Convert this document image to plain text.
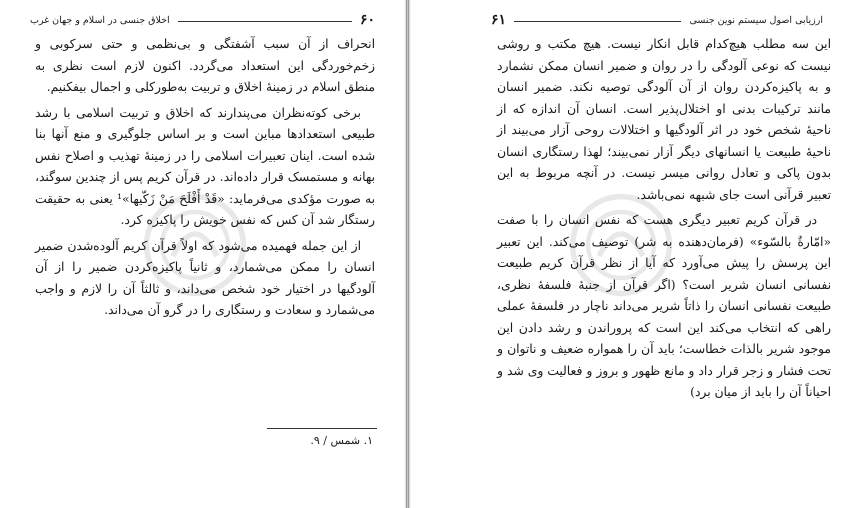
۶۰
اخلاق جنسی در اسلام و جهان غرب

انحراف از آن سبب آشفتگی و بی‌نظمی و حتی سرکوبی و زخم‌خوردگی این استعداد می‌گردد. اکنون لازم است نظری به منطق اسلام در زمینهٔ اخلاق و تربیت به‌طورکلی و اجمال بیفکنیم.

برخی کوته‌نظران می‌پندارند که اخلاق و تربیت اسلامی با رشد طبیعی استعدادها مباین است و بر اساس جلوگیری و منع آنها بنا شده است. اینان تعبیرات اسلامی را در زمینهٔ تهذیب و اصلاح نفس بهانه و مستمسک قرار داده‌اند. در قرآن کریم پس از چندین سوگند، به صورت مؤکدی می‌فرماید: «قَدْ أَفْلَحَ مَنْ زَكّيها»¹ یعنی به حقیقت رستگار شد آن کس که نفس خویش را پاکیزه کرد.

از این جمله فهمیده می‌شود که اولاً قرآن کریم آلوده‌شدن ضمیر انسان را ممکن می‌شمارد، و ثانیاً پاکیزه‌کردن ضمیر را از آن آلودگیها در اختیار خود شخص می‌داند، و ثالثاً آن را لازم و واجب می‌شمارد و سعادت و رستگاری را در گرو آن می‌داند.

۱. شمس / ۹.
ارزیابی اصول سیستم نوین جنسی
۶۱

این سه مطلب هیچ‌کدام قابل انکار نیست. هیچ مکتب و روشی نیست که نوعی آلودگی را در روان و ضمیر انسان ممکن نشمارد و به پاکیزه‌کردن روان از آن آلودگی توصیه نکند. ضمیر انسان مانند ترکیبات بدنی او اختلال‌پذیر است. انسان آن اندازه که از ناحیهٔ شخص خود در اثر آلودگیها و اختلالات روحی آزار می‌بیند از ناحیهٔ طبیعت یا انسانهای دیگر آزار نمی‌بیند؛ لهذا رستگاری انسان بدون پاکی و تعادل روانی میسر نیست. در آنچه مربوط به این تعبیر قرآنی است جای شبهه نمی‌باشد.

در قرآن کریم تعبیر دیگری هست که نفس انسان را با صفت «امّارةٌ بالسّوء» (فرمان‌دهنده به شر) توصیف می‌کند. این تعبیر این پرسش را پیش می‌آورد که آیا از نظر قرآن کریم طبیعت نفسانی انسان شریر است؟ (اگر قرآن از جنبهٔ فلسفهٔ نظری، طبیعت نفسانی انسان را ذاتاً شریر می‌داند ناچار در فلسفهٔ عملی راهی که انتخاب می‌کند این است که پروراندن و رشد دادن این موجود شریر بالذات خطاست؛ باید آن را همواره ضعیف و ناتوان و تحت فشار و زجر قرار داد و مانع ظهور و بروز و فعالیت وی شد و احیاناً آن را باید از میان برد)
